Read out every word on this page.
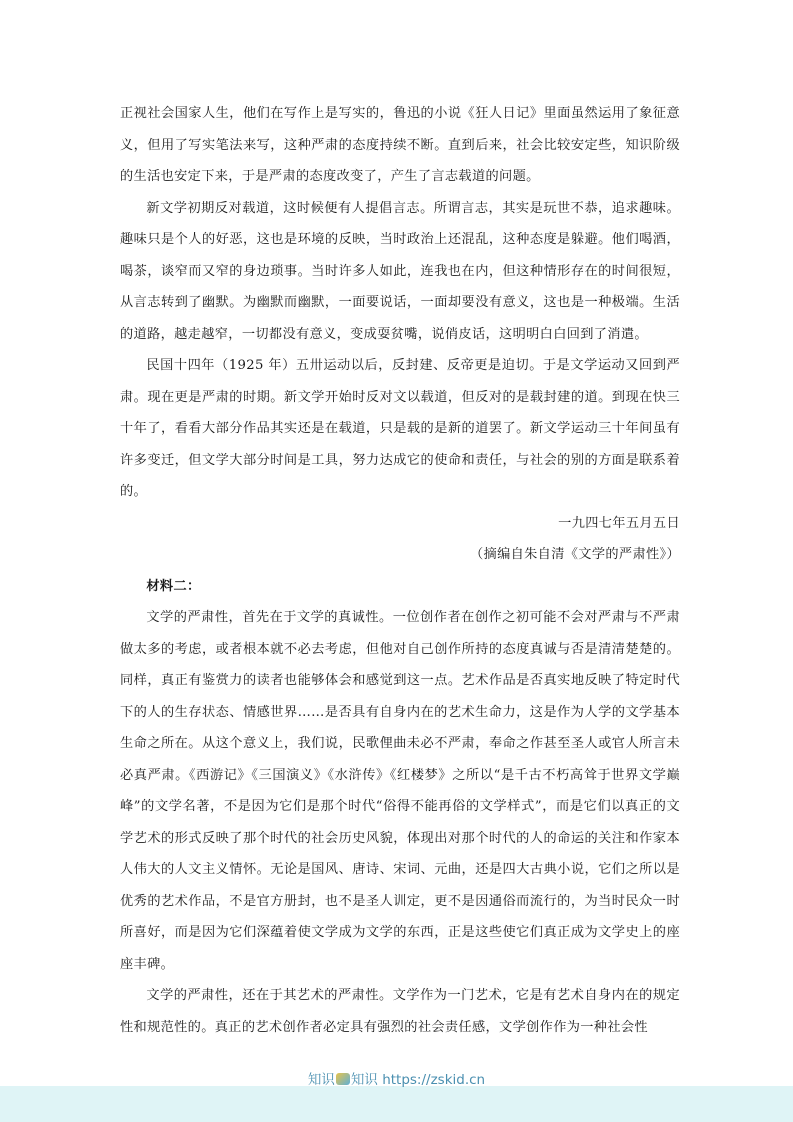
正视社会国家人生，他们在写作上是写实的，鲁迅的小说《狂人日记》里面虽然运用了象征意义，但用了写实笔法来写，这种严肃的态度持续不断。直到后来，社会比较安定些，知识阶级的生活也安定下来，于是严肃的态度改变了，产生了言志载道的问题。

新文学初期反对载道，这时候便有人提倡言志。所谓言志，其实是玩世不恭，追求趣味。趣味只是个人的好恶，这也是环境的反映，当时政治上还混乱，这种态度是躲避。他们喝酒，喝茶，谈窄而又窄的身边琐事。当时许多人如此，连我也在内，但这种情形存在的时间很短，从言志转到了幽默。为幽默而幽默，一面要说话，一面却要没有意义，这也是一种极端。生活的道路，越走越窄，一切都没有意义，变成耍贫嘴，说俏皮话，这明明白白回到了消遣。

民国十四年（1925 年）五卅运动以后，反封建、反帝更是迫切。于是文学运动又回到严肃。现在更是严肃的时期。新文学开始时反对文以载道，但反对的是载封建的道。到现在快三十年了，看看大部分作品其实还是在载道，只是载的是新的道罢了。新文学运动三十年间虽有许多变迁，但文学大部分时间是工具，努力达成它的使命和责任，与社会的别的方面是联系着的。

一九四七年五月五日

（摘编自朱自清《文学的严肃性》）

材料二：

文学的严肃性，首先在于文学的真诚性。一位创作者在创作之初可能不会对严肃与不严肃做太多的考虑，或者根本就不必去考虑，但他对自己创作所持的态度真诚与否是清清楚楚的。同样，真正有鉴赏力的读者也能够体会和感觉到这一点。艺术作品是否真实地反映了特定时代下的人的生存状态、情感世界……是否具有自身内在的艺术生命力，这是作为人学的文学基本生命之所在。从这个意义上，我们说，民歌俚曲未必不严肃，奉命之作甚至圣人或官人所言未必真严肃。《西游记》《三国演义》《水浒传》《红楼梦》之所以“是千古不朽高耸于世界文学巅峰”的文学名著，不是因为它们是那个时代“俗得不能再俗的文学样式”，而是它们以真正的文学艺术的形式反映了那个时代的社会历史风貌，体现出对那个时代的人的命运的关注和作家本人伟大的人文主义情怀。无论是国风、唐诗、宋词、元曲，还是四大古典小说，它们之所以是优秀的艺术作品，不是官方册封，也不是圣人训定，更不是因通俗而流行的，为当时民众一时所喜好，而是因为它们深蕴着使文学成为文学的东西，正是这些使它们真正成为文学史上的座座丰碑。

文学的严肃性，还在于其艺术的严肃性。文学作为一门艺术，它是有艺术自身内在的规定性和规范性的。真正的艺术创作者必定具有强烈的社会责任感，文学创作作为一种社会性

知识 知识 https://zskid.cn
